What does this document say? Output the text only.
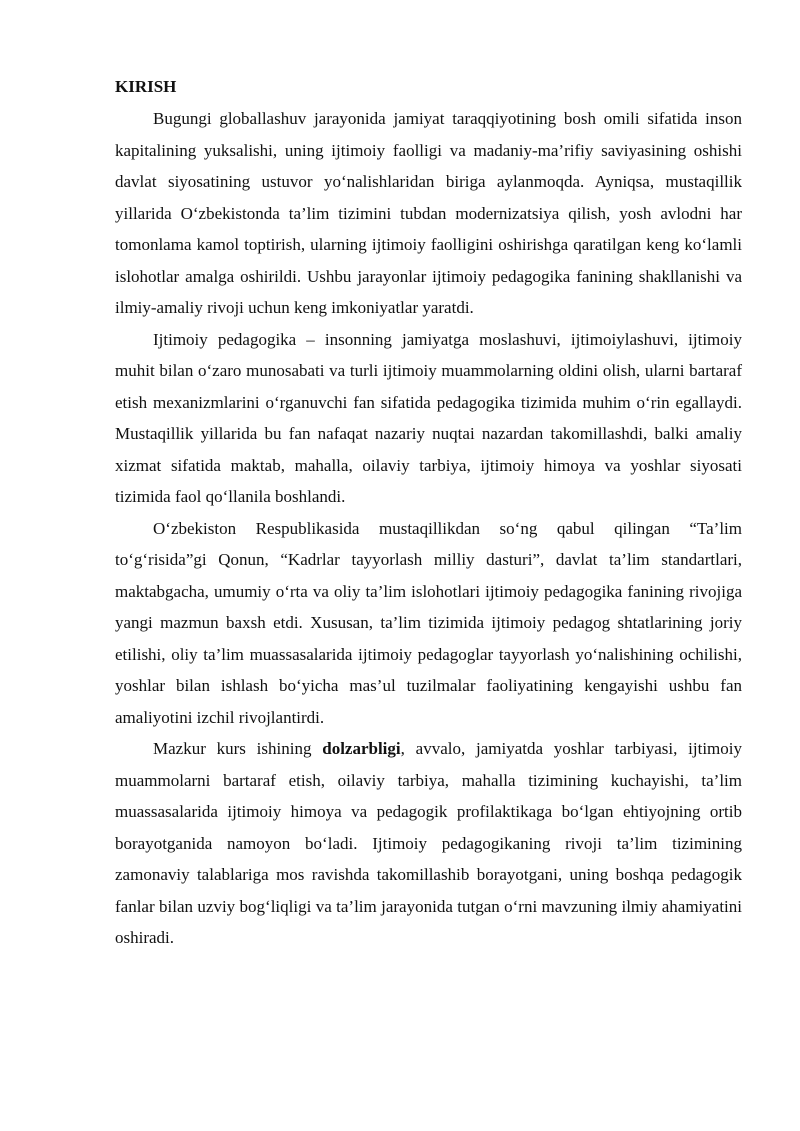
KIRISH

Bugungi globallashuv jarayonida jamiyat taraqqiyotining bosh omili sifatida inson kapitalining yuksalishi, uning ijtimoiy faolligi va madaniy-ma’rifiy saviyasining oshishi davlat siyosatining ustuvor yo‘nalishlaridan biriga aylanmoqda. Ayniqsa, mustaqillik yillarida O‘zbekistonda ta’lim tizimini tubdan modernizatsiya qilish, yosh avlodni har tomonlama kamol toptirish, ularning ijtimoiy faolligini oshirishga qaratilgan keng ko‘lamli islohotlar amalga oshirildi. Ushbu jarayonlar ijtimoiy pedagogika fanining shakllanishi va ilmiy-amaliy rivoji uchun keng imkoniyatlar yaratdi.

Ijtimoiy pedagogika – insonning jamiyatga moslashuvi, ijtimoiylashuvi, ijtimoiy muhit bilan o‘zaro munosabati va turli ijtimoiy muammolarning oldini olish, ularni bartaraf etish mexanizmlarini o‘rganuvchi fan sifatida pedagogika tizimida muhim o‘rin egallaydi. Mustaqillik yillarida bu fan nafaqat nazariy nuqtai nazardan takomillashdi, balki amaliy xizmat sifatida maktab, mahalla, oilaviy tarbiya, ijtimoiy himoya va yoshlar siyosati tizimida faol qo‘llanila boshlandi.

O‘zbekiston Respublikasida mustaqillikdan so‘ng qabul qilingan “Ta’lim to‘g‘risida”gi Qonun, “Kadrlar tayyorlash milliy dasturi”, davlat ta’lim standartlari, maktabgacha, umumiy o‘rta va oliy ta’lim islohotlari ijtimoiy pedagogika fanining rivojiga yangi mazmun baxsh etdi. Xususan, ta’lim tizimida ijtimoiy pedagog shtatlarining joriy etilishi, oliy ta’lim muassasalarida ijtimoiy pedagoglar tayyorlash yo‘nalishining ochilishi, yoshlar bilan ishlash bo‘yicha mas’ul tuzilmalar faoliyatining kengayishi ushbu fan amaliyotini izchil rivojlantirdi.

Mazkur kurs ishining dolzarbligi, avvalo, jamiyatda yoshlar tarbiyasi, ijtimoiy muammolarni bartaraf etish, oilaviy tarbiya, mahalla tizimining kuchayishi, ta’lim muassasalarida ijtimoiy himoya va pedagogik profilaktikaga bo‘lgan ehtiyojning ortib borayotganida namoyon bo‘ladi. Ijtimoiy pedagogikaning rivoji ta’lim tizimining zamonaviy talablariga mos ravishda takomillashib borayotgani, uning boshqa pedagogik fanlar bilan uzviy bog‘liqligi va ta’lim jarayonida tutgan o‘rni mavzuning ilmiy ahamiyatini oshiradi.
